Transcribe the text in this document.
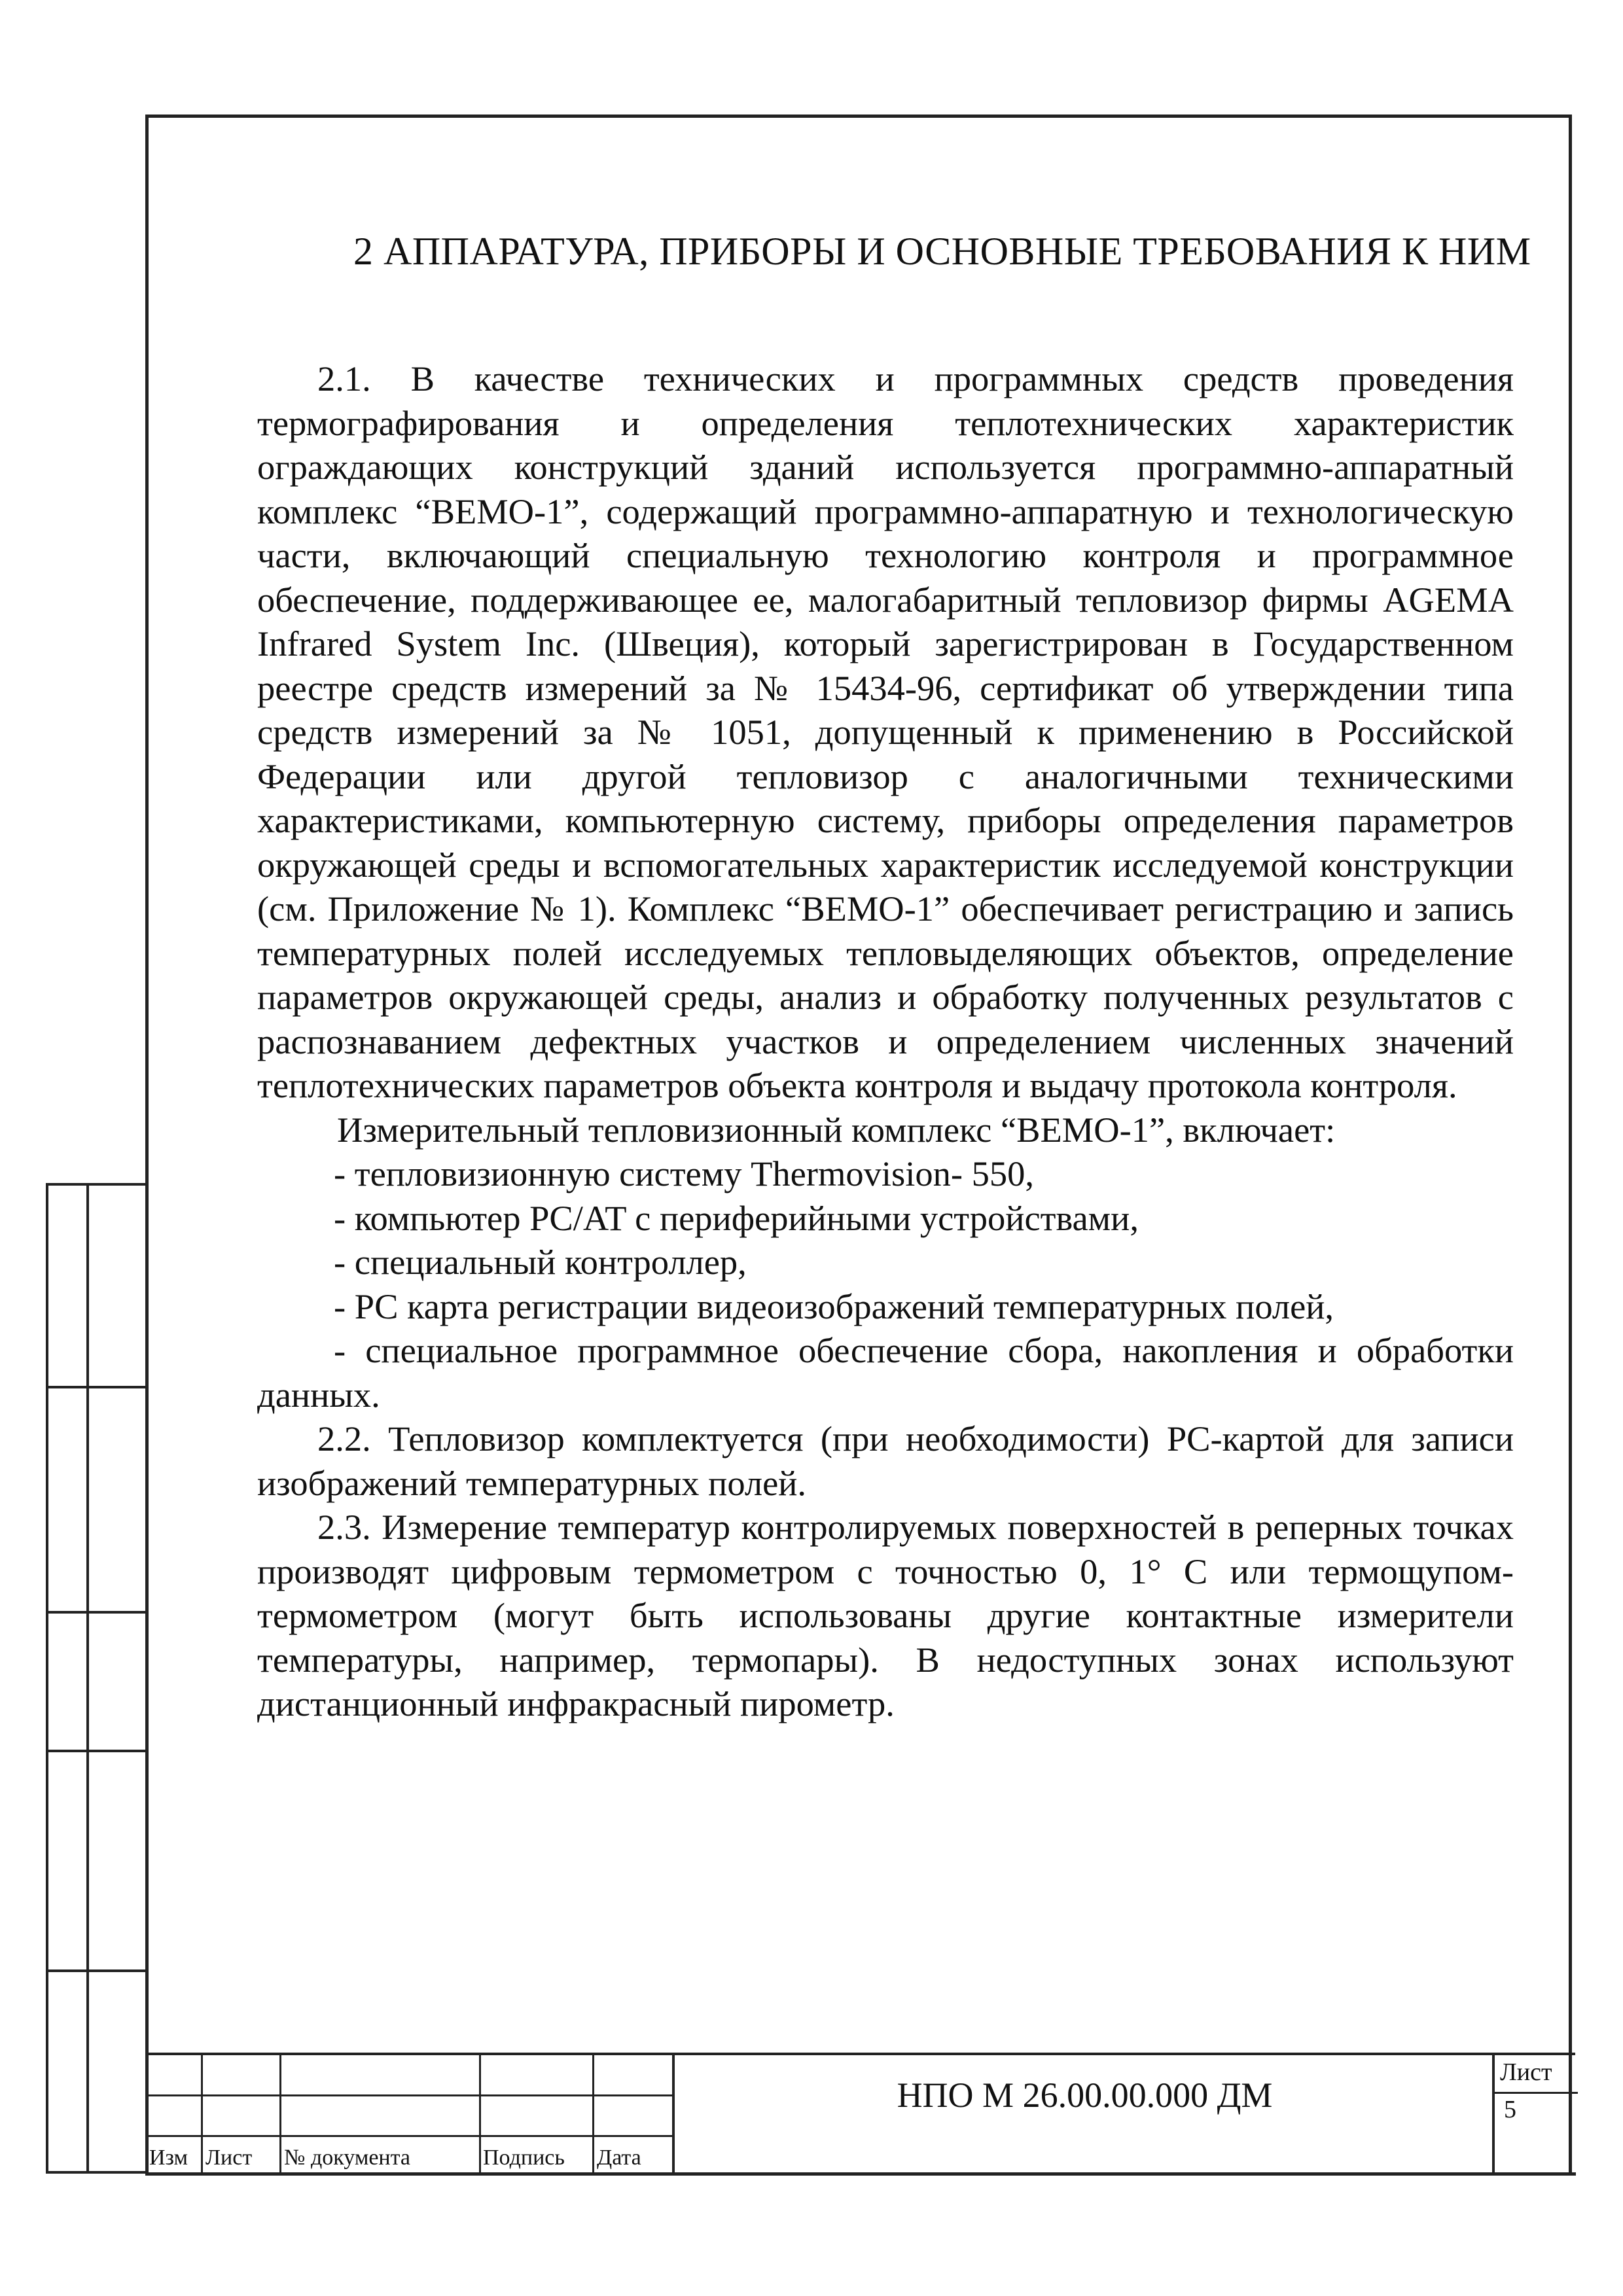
2 АППАРАТУРА, ПРИБОРЫ И ОСНОВНЫЕ ТРЕБОВАНИЯ К НИМ

2.1. В качестве технических и программных средств проведения термографирования и определения теплотехнических характеристик ограждающих конструкций зданий используется программно-аппаратный комплекс “ВЕМО-1”, содержащий программно-аппаратную и технологическую части, включающий специальную технологию контроля и программное обеспечение, поддерживающее ее, малогабаритный тепловизор фирмы AGEMA Infrared System Inc. (Швеция), который зарегистрирован в Государственном реестре средств измерений за № 15434-96, сертификат об утверждении типа средств измерений за № 1051, допущенный к применению в Российской Федерации или другой тепловизор с аналогичными техническими характеристиками, компьютерную систему, приборы определения параметров окружающей среды и вспомогательных характеристик исследуемой конструкции (см. Приложение № 1). Комплекс “ВЕМО-1” обеспечивает регистрацию и запись температурных полей исследуемых тепловыделяющих объектов, определение параметров окружающей среды, анализ и обработку полученных результатов с распознаванием дефектных участков и определением численных значений теплотехнических параметров объекта контроля и выдачу протокола контроля.

Измерительный тепловизионный комплекс “ВЕМО-1”, включает:

- тепловизионную систему Thermovision- 550,

- компьютер PC/AT с периферийными устройствами,

- специальный контроллер,

- PC карта регистрации видеоизображений температурных полей,

- специальное программное обеспечение сбора, накопления и обработки данных.

2.2. Тепловизор комплектуется (при необходимости) PC-картой для записи изображений температурных полей.

2.3. Измерение температур контролируемых поверхностей в реперных точках производят цифровым термометром с точностью 0, 1° С или термощупом-термометром (могут быть использованы другие контактные измерители температуры, например, термопары). В недоступных зонах используют дистанционный инфракрасный пирометр.

Изм Лист № документа	Подпись Дата
НПО М 26.00.00.000 ДМ
Лист
5
